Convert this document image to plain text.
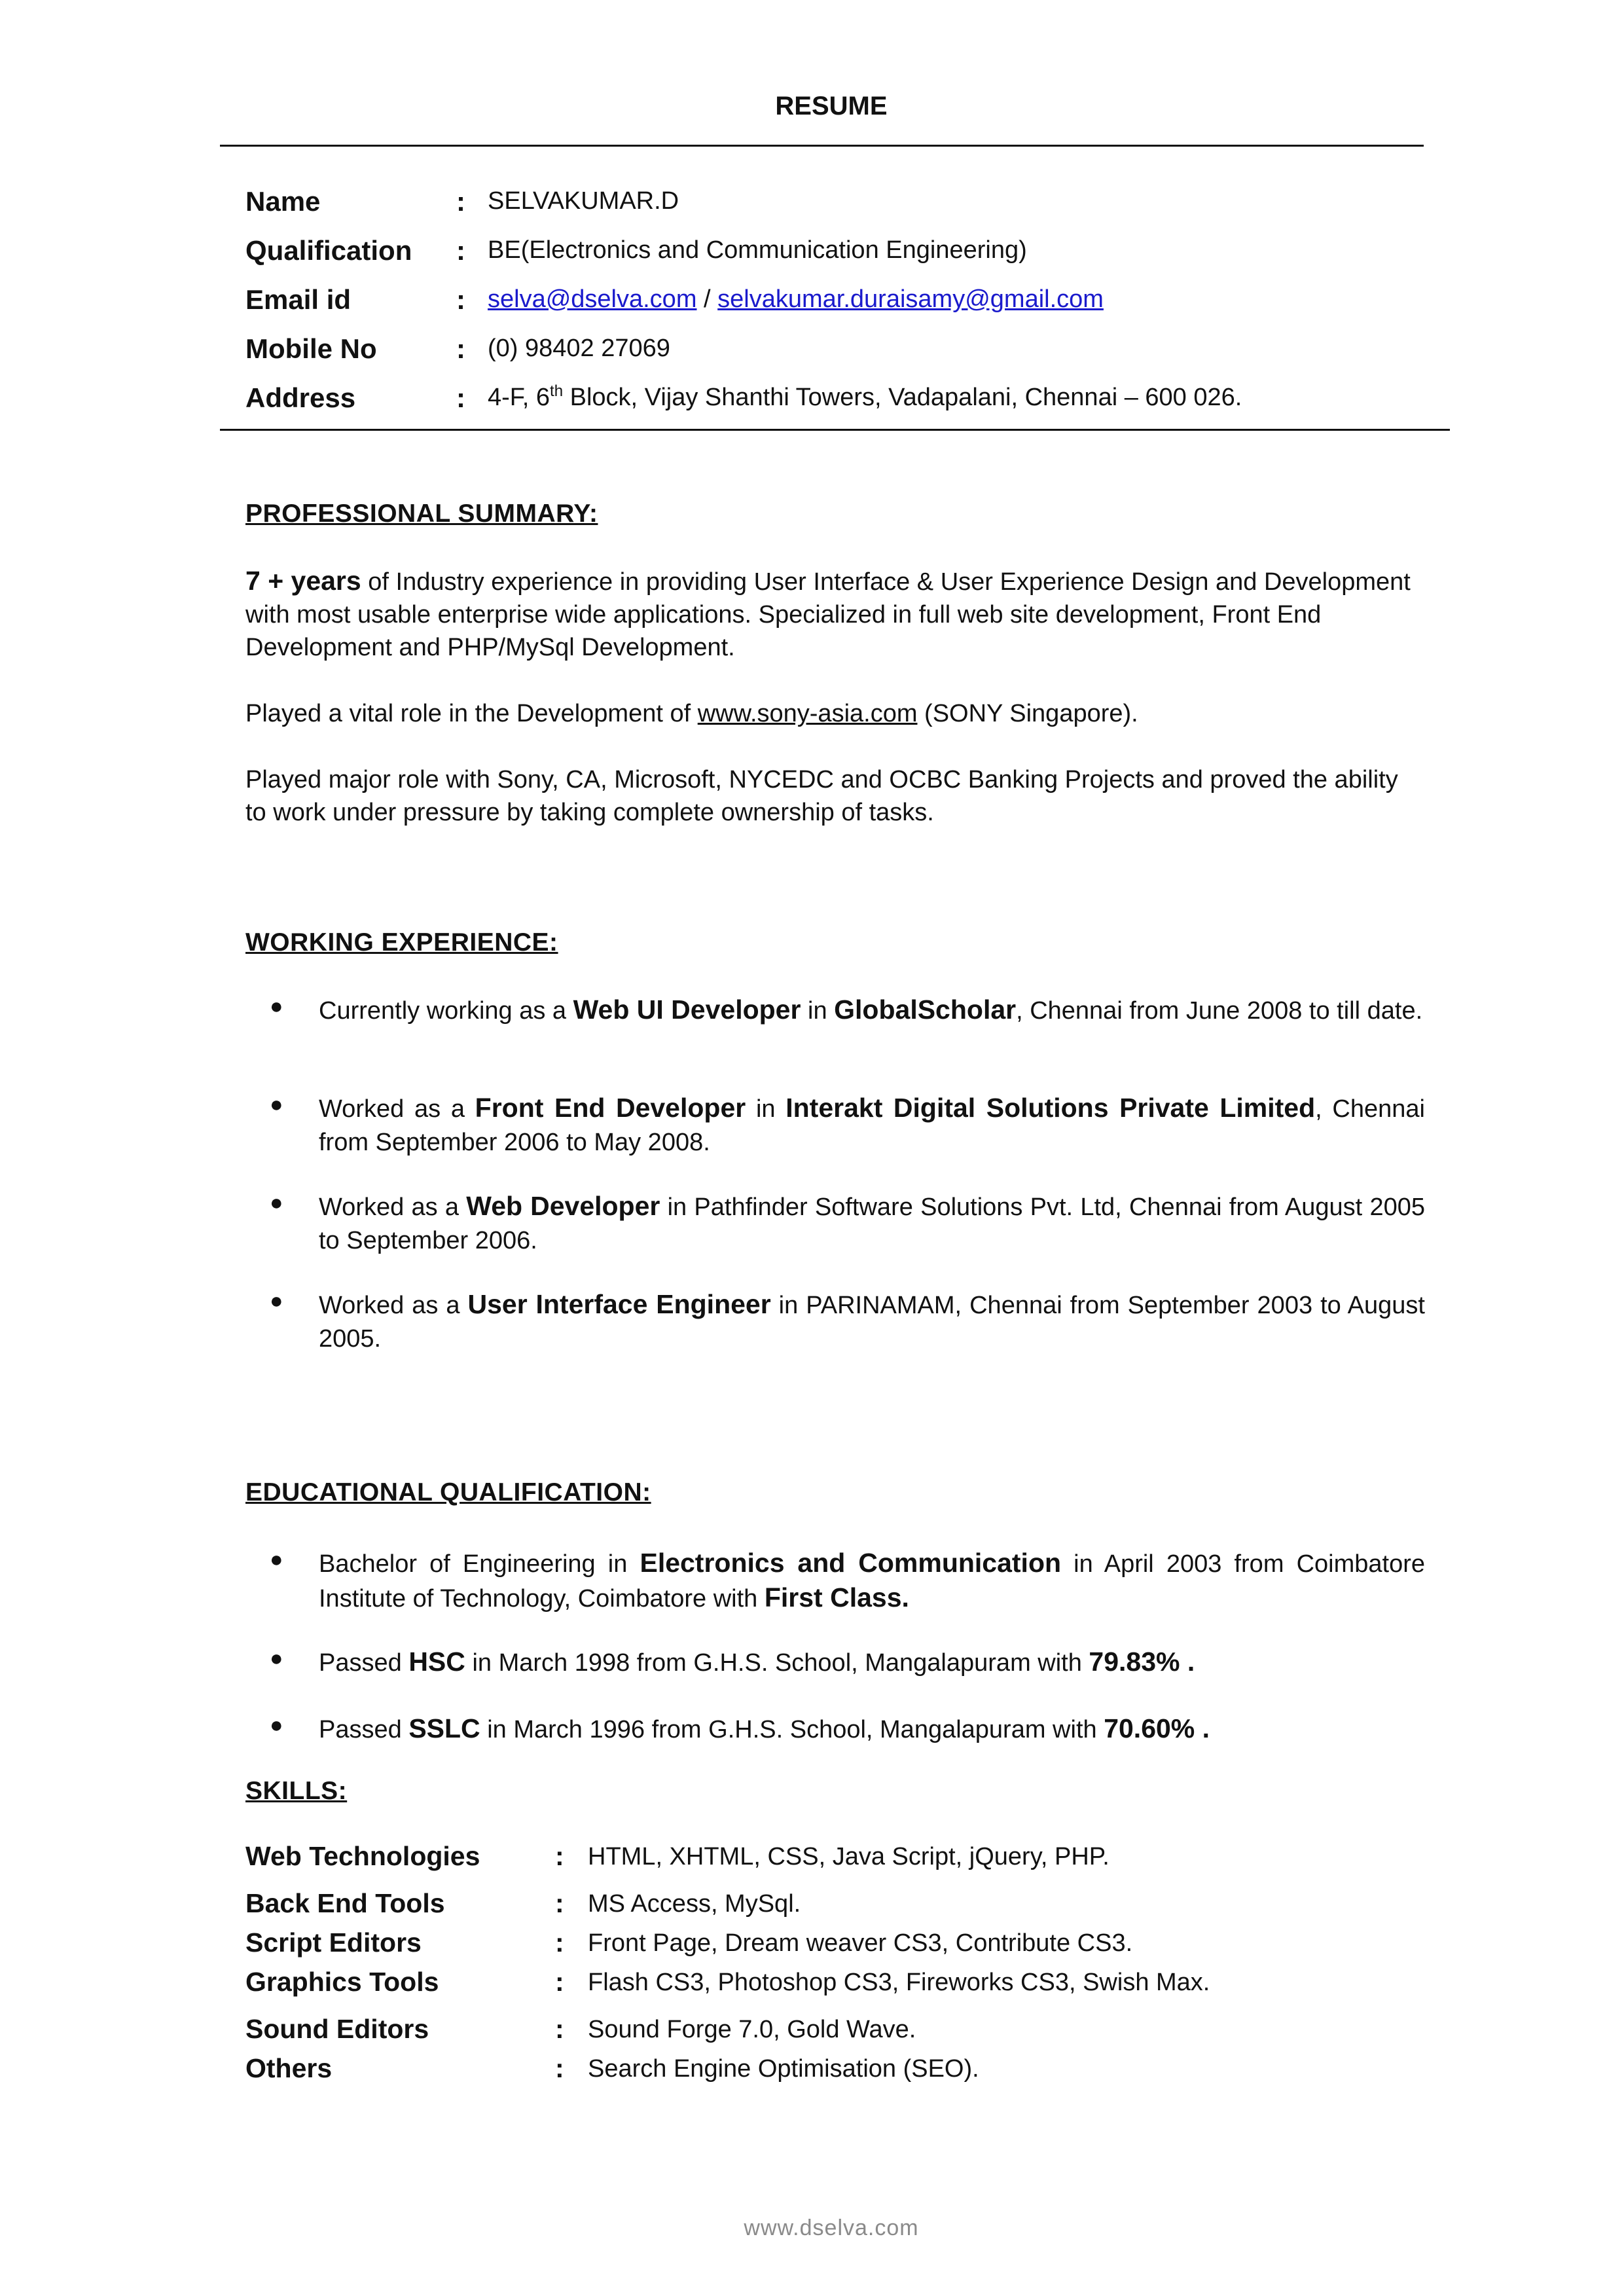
RESUME
Name	: SELVAKUMAR.D
Qualification : BE(Electronics and Communication Engineering)
Email id	: selva@dselva.com / selvakumar.duraisamy@gmail.com
Mobile No	: (0) 98402 27069
Address	: 4-F, 6th Block, Vijay Shanthi Towers, Vadapalani, Chennai – 600 026.
PROFESSIONAL SUMMARY:
7 + years of Industry experience in providing User Interface & User Experience Design and Development with most usable enterprise wide applications. Specialized in full web site development, Front End Development and PHP/MySql Development.
Played a vital role in the Development of www.sony-asia.com (SONY Singapore).
Played major role with Sony, CA, Microsoft, NYCEDC and OCBC Banking Projects and proved the ability to work under pressure by taking complete ownership of tasks.
WORKING EXPERIENCE:
● Currently working as a Web UI Developer in GlobalScholar, Chennai from June 2008 to till date.
● Worked as a Front End Developer in Interakt Digital Solutions Private Limited, Chennai from September 2006 to May 2008.
● Worked as a Web Developer in Pathfinder Software Solutions Pvt. Ltd, Chennai from August 2005 to September 2006.
● Worked as a User Interface Engineer in PARINAMAM, Chennai from September 2003 to August 2005.
EDUCATIONAL QUALIFICATION:
● Bachelor of Engineering in Electronics and Communication in April 2003 from Coimbatore Institute of Technology, Coimbatore with First Class.
● Passed HSC in March 1998 from G.H.S. School, Mangalapuram with 79.83% .
● Passed SSLC in March 1996 from G.H.S. School, Mangalapuram with 70.60% .
SKILLS:
Web Technologies	: HTML, XHTML, CSS, Java Script, jQuery, PHP.
Back End Tools	: MS Access, MySql.
Script Editors	: Front Page, Dream weaver CS3, Contribute CS3.
Graphics Tools	: Flash CS3, Photoshop CS3, Fireworks CS3, Swish Max.
Sound Editors	: Sound Forge 7.0, Gold Wave.
Others	: Search Engine Optimisation (SEO).
www.dselva.com
